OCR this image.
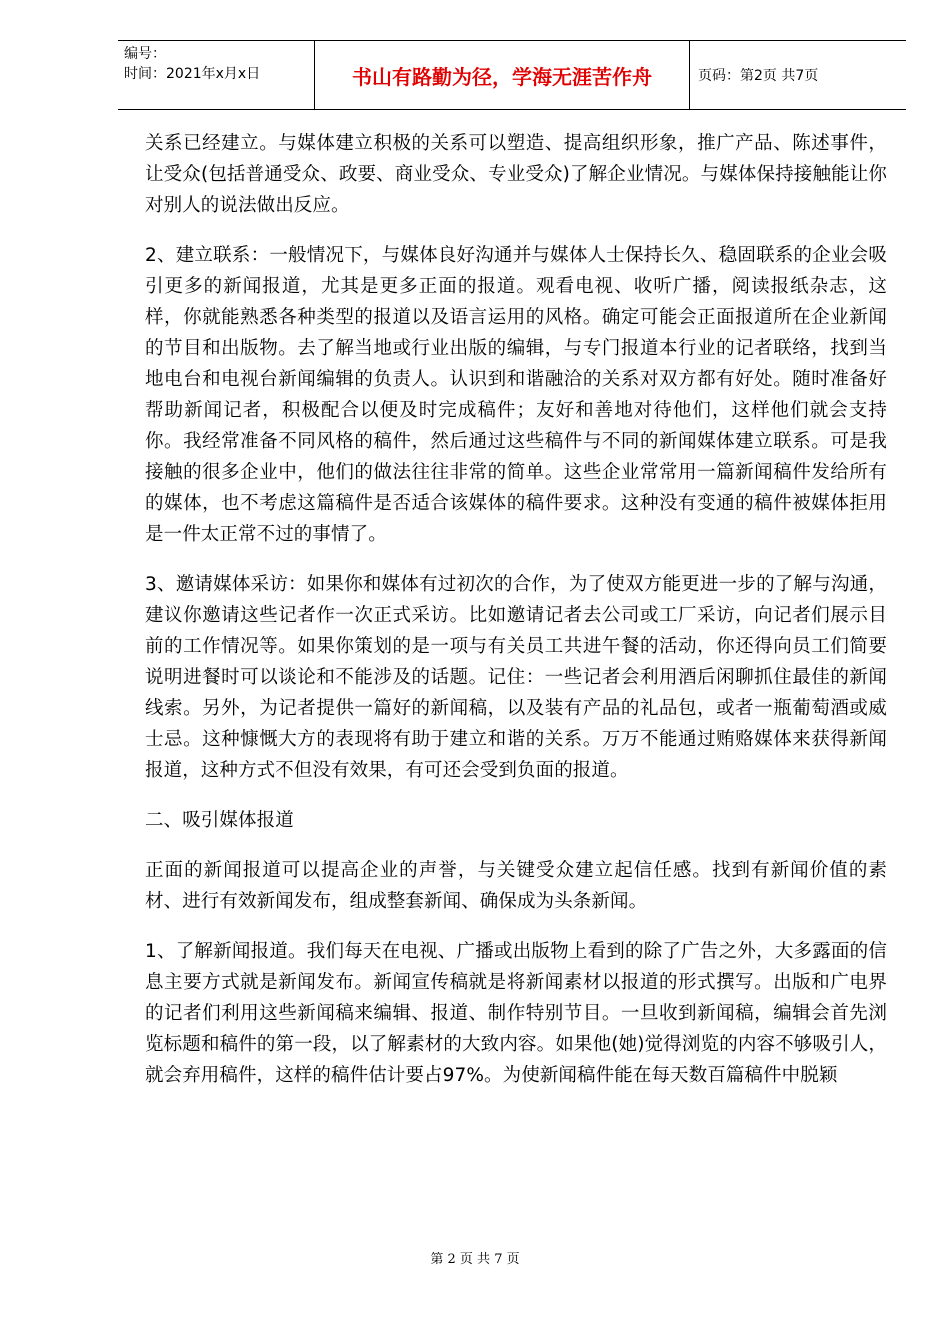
编号：
时间：2021年x月x日	书山有路勤为径，学海无涯苦作舟	页码：第2页 共7页

关系已经建立。与媒体建立积极的关系可以塑造、提高组织形象，推广产品、陈述事件，让受众(包括普通受众、政要、商业受众、专业受众)了解企业情况。与媒体保持接触能让你对别人的说法做出反应。

2、建立联系：一般情况下，与媒体良好沟通并与媒体人士保持长久、稳固联系的企业会吸引更多的新闻报道，尤其是更多正面的报道。观看电视、收听广播，阅读报纸杂志，这样，你就能熟悉各种类型的报道以及语言运用的风格。确定可能会正面报道所在企业新闻的节目和出版物。去了解当地或行业出版的编辑，与专门报道本行业的记者联络，找到当地电台和电视台新闻编辑的负责人。认识到和谐融洽的关系对双方都有好处。随时准备好帮助新闻记者，积极配合以便及时完成稿件；友好和善地对待他们，这样他们就会支持你。我经常准备不同风格的稿件，然后通过这些稿件与不同的新闻媒体建立联系。可是我接触的很多企业中，他们的做法往往非常的简单。这些企业常常用一篇新闻稿件发给所有的媒体，也不考虑这篇稿件是否适合该媒体的稿件要求。这种没有变通的稿件被媒体拒用是一件太正常不过的事情了。

3、邀请媒体采访：如果你和媒体有过初次的合作，为了使双方能更进一步的了解与沟通，建议你邀请这些记者作一次正式采访。比如邀请记者去公司或工厂采访，向记者们展示目前的工作情况等。如果你策划的是一项与有关员工共进午餐的活动，你还得向员工们简要说明进餐时可以谈论和不能涉及的话题。记住：一些记者会利用酒后闲聊抓住最佳的新闻线索。另外，为记者提供一篇好的新闻稿，以及装有产品的礼品包，或者一瓶葡萄酒或威士忌。这种慷慨大方的表现将有助于建立和谐的关系。万万不能通过贿赂媒体来获得新闻报道，这种方式不但没有效果，有可还会受到负面的报道。

二、吸引媒体报道

正面的新闻报道可以提高企业的声誉，与关键受众建立起信任感。找到有新闻价值的素材、进行有效新闻发布，组成整套新闻、确保成为头条新闻。

1、了解新闻报道。我们每天在电视、广播或出版物上看到的除了广告之外，大多露面的信息主要方式就是新闻发布。新闻宣传稿就是将新闻素材以报道的形式撰写。出版和广电界的记者们利用这些新闻稿来编辑、报道、制作特别节目。一旦收到新闻稿，编辑会首先浏览标题和稿件的第一段，以了解素材的大致内容。如果他(她)觉得浏览的内容不够吸引人，就会弃用稿件，这样的稿件估计要占97%。为使新闻稿件能在每天数百篇稿件中脱颖

第 2 页 共 7 页
